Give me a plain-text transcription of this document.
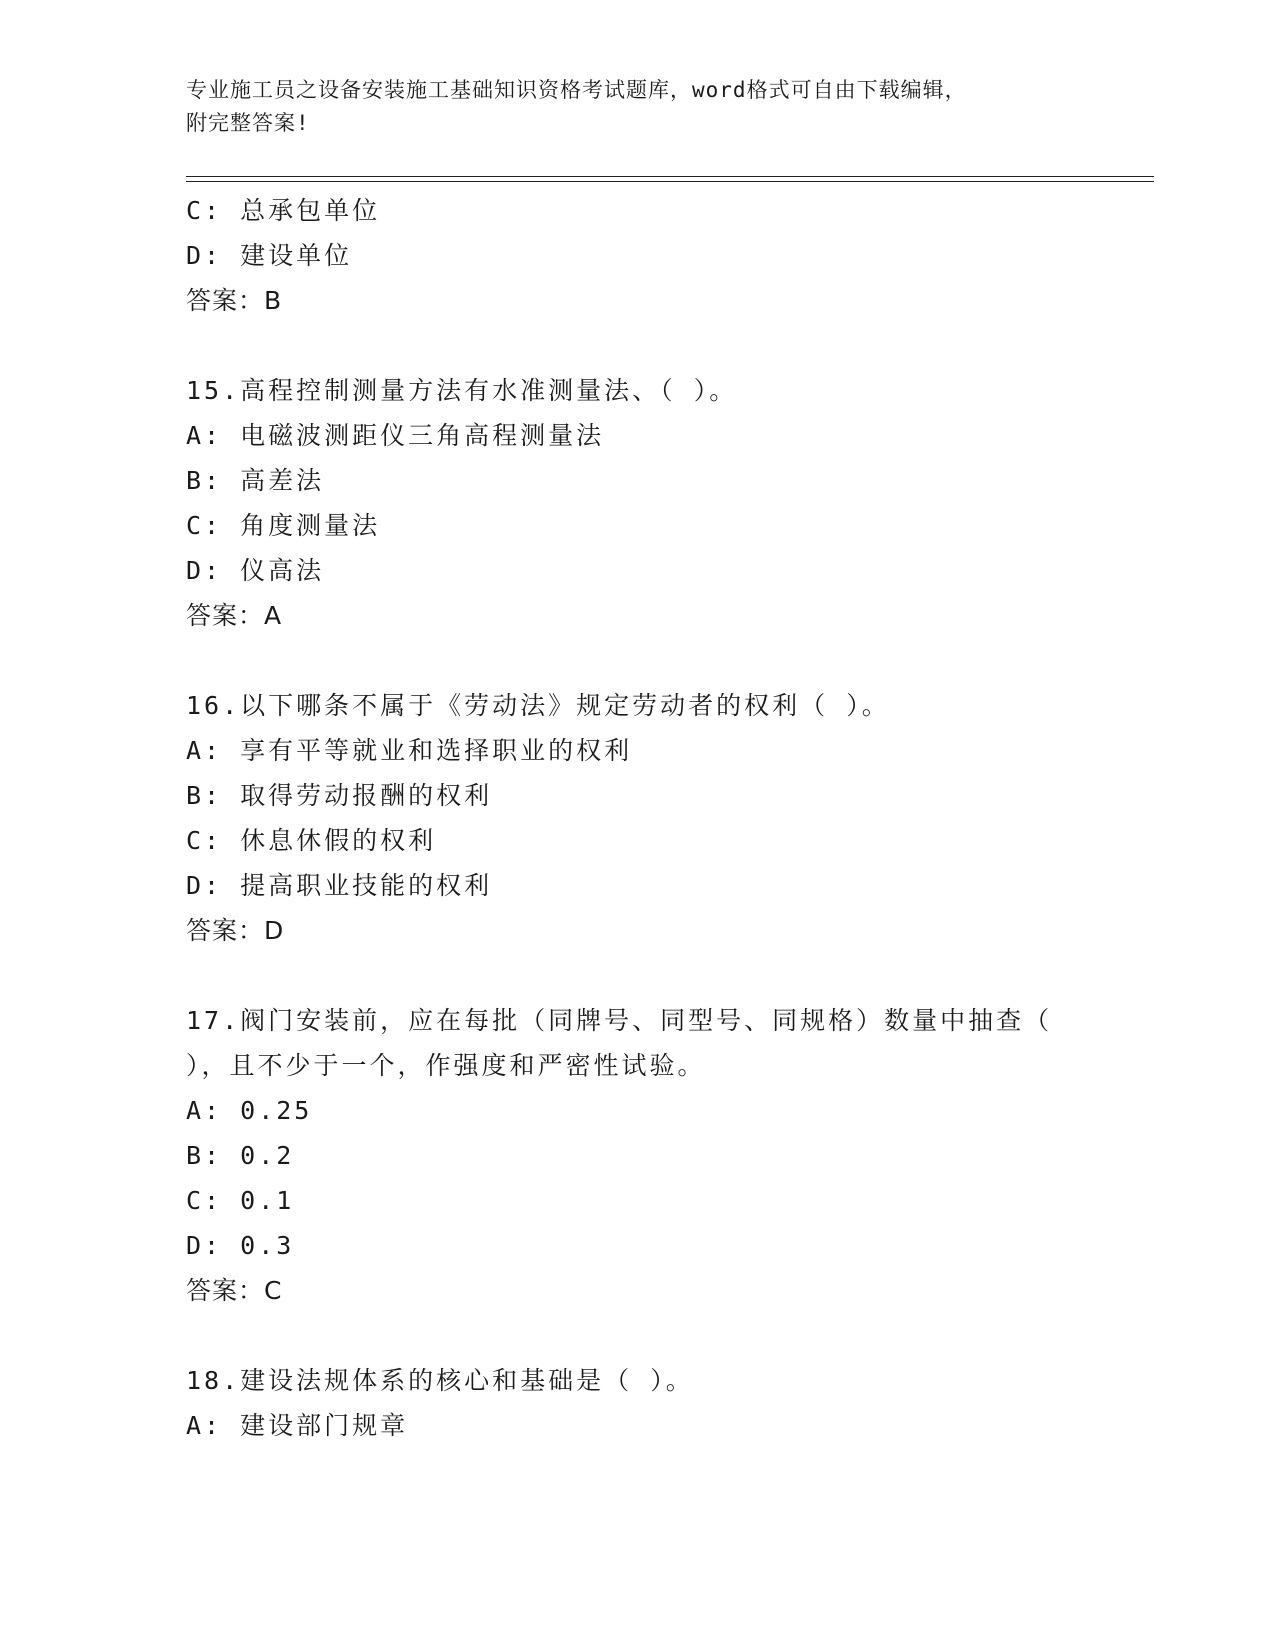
专业施工员之设备安装施工基础知识资格考试题库，word格式可自由下载编辑，
附完整答案!
C: 总承包单位
D: 建设单位
答案：B
15.高程控制测量方法有水准测量法、（ ）。
A: 电磁波测距仪三角高程测量法
B: 高差法
C: 角度测量法
D: 仪高法
答案：A
16.以下哪条不属于《劳动法》规定劳动者的权利（ ）。
A: 享有平等就业和选择职业的权利
B: 取得劳动报酬的权利
C: 休息休假的权利
D: 提高职业技能的权利
答案：D
17.阀门安装前，应在每批（同牌号、同型号、同规格）数量中抽查（
），且不少于一个，作强度和严密性试验。
A: 0.25
B: 0.2
C: 0.1
D: 0.3
答案：C
18.建设法规体系的核心和基础是（ ）。
A: 建设部门规章
